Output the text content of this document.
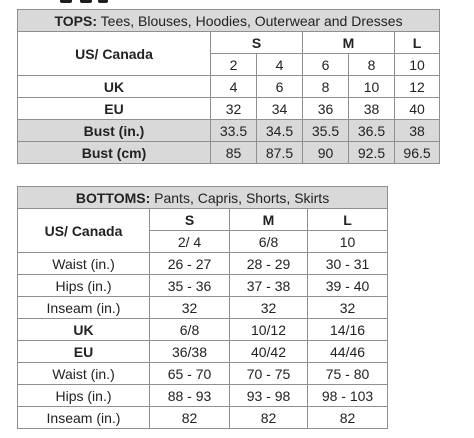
TOPS: Tees, Blouses, Hoodies, Outerwear and Dresses					
US/ Canada	S		M		L
	2	4	6	8	10
UK	4	6	8	10	12
EU	32	34	36	38	40
Bust (in.)	33.5	34.5	35.5	36.5	38
Bust (cm)	85	87.5	90	92.5	96.5
BOTTOMS: Pants, Capris, Shorts, Skirts			
US/ Canada	S	M	L
	2/ 4	6/8	10
Waist (in.)	26 - 27	28 - 29	30 - 31
Hips (in.)	35 - 36	37 - 38	39 - 40
Inseam (in.)	32	32	32
UK	6/8	10/12	14/16
EU	36/38	40/42	44/46
Waist (in.)	65 - 70	70 - 75	75 - 80
Hips (in.)	88 - 93	93 - 98	98 - 103
Inseam (in.)	82	82	82
